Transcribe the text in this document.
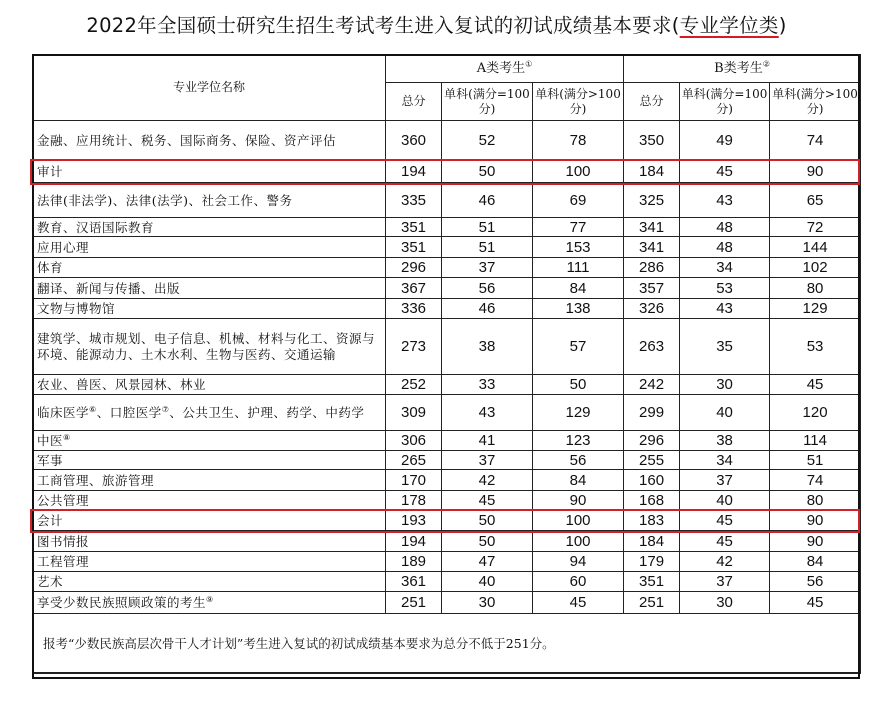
2022年全国硕士研究生招生考试考生进入复试的初试成绩基本要求(专业学位类)
专业学位名称	A类考生①			B类考生②
	总分	单科(满分=100分)	单科(满分>100分)	总分	单科(满分=100分)	单科(满分>100分)
金融、应用统计、税务、国际商务、保险、资产评估	360	52	78	350	49	74
审计	194	50	100	184	45	90
法律(非法学)、法律(法学)、社会工作、警务	335	46	69	325	43	65
教育、汉语国际教育	351	51	77	341	48	72
应用心理	351	51	153	341	48	144
体育	296	37	111	286	34	102
翻译、新闻与传播、出版	367	56	84	357	53	80
文物与博物馆	336	46	138	326	43	129
建筑学、城市规划、电子信息、机械、材料与化工、资源与环境、能源动力、土木水利、生物与医药、交通运输	273	38	57	263	35	53
农业、兽医、风景园林、林业	252	33	50	242	30	45
临床医学⑥、口腔医学⑦、公共卫生、护理、药学、中药学	309	43	129	299	40	120
中医⑧	306	41	123	296	38	114
军事	265	37	56	255	34	51
工商管理、旅游管理	170	42	84	160	37	74
公共管理	178	45	90	168	40	80
会计	193	50	100	183	45	90
图书情报	194	50	100	184	45	90
工程管理	189	47	94	179	42	84
艺术	361	40	60	351	37	56
享受少数民族照顾政策的考生⑨	251	30	45	251	30	45
报考“少数民族高层次骨干人才计划”考生进入复试的初试成绩基本要求为总分不低于251分。						
